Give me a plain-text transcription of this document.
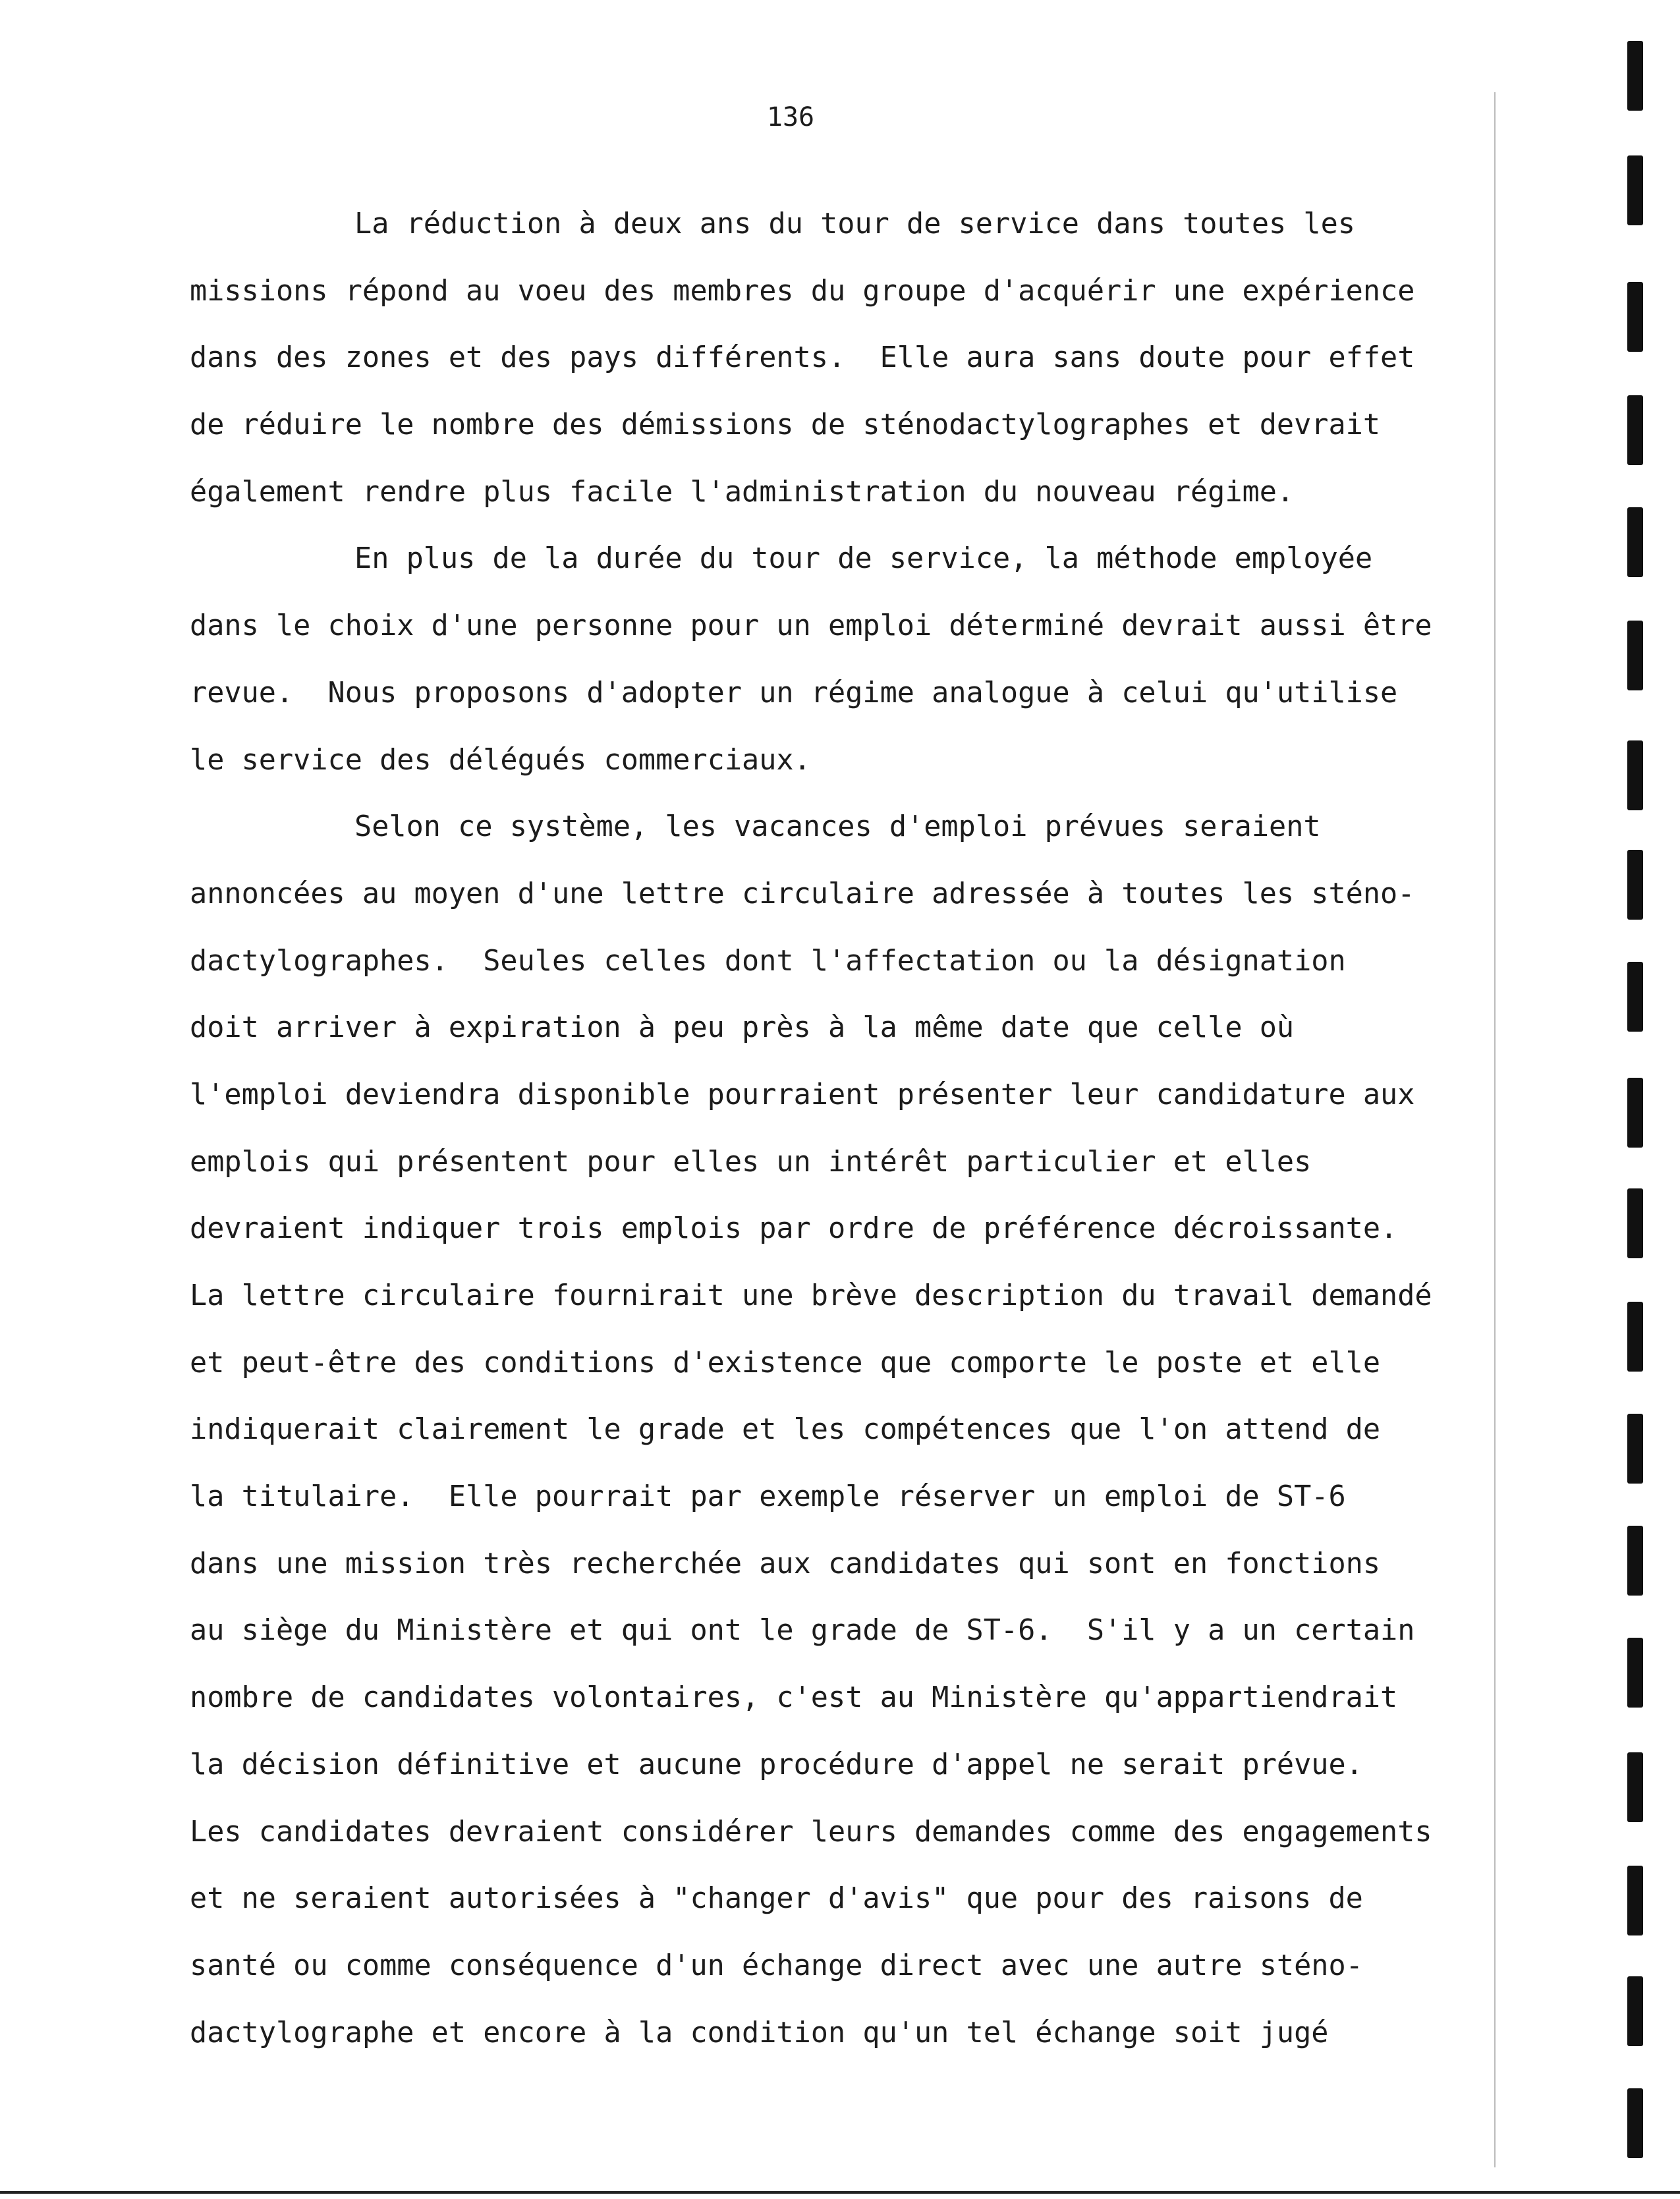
136
La réduction à deux ans du tour de service dans toutes les
missions répond au voeu des membres du groupe d'acquérir une expérience
dans des zones et des pays différents.  Elle aura sans doute pour effet
de réduire le nombre des démissions de sténodactylographes et devrait
également rendre plus facile l'administration du nouveau régime.
En plus de la durée du tour de service, la méthode employée
dans le choix d'une personne pour un emploi déterminé devrait aussi être
revue.  Nous proposons d'adopter un régime analogue à celui qu'utilise
le service des délégués commerciaux.
Selon ce système, les vacances d'emploi prévues seraient
annoncées au moyen d'une lettre circulaire adressée à toutes les sténo-
dactylographes.  Seules celles dont l'affectation ou la désignation
doit arriver à expiration à peu près à la même date que celle où
l'emploi deviendra disponible pourraient présenter leur candidature aux
emplois qui présentent pour elles un intérêt particulier et elles
devraient indiquer trois emplois par ordre de préférence décroissante.
La lettre circulaire fournirait une brève description du travail demandé
et peut-être des conditions d'existence que comporte le poste et elle
indiquerait clairement le grade et les compétences que l'on attend de
la titulaire.  Elle pourrait par exemple réserver un emploi de ST-6
dans une mission très recherchée aux candidates qui sont en fonctions
au siège du Ministère et qui ont le grade de ST-6.  S'il y a un certain
nombre de candidates volontaires, c'est au Ministère qu'appartiendrait
la décision définitive et aucune procédure d'appel ne serait prévue.
Les candidates devraient considérer leurs demandes comme des engagements
et ne seraient autorisées à "changer d'avis" que pour des raisons de
santé ou comme conséquence d'un échange direct avec une autre sténo-
dactylographe et encore à la condition qu'un tel échange soit jugé
